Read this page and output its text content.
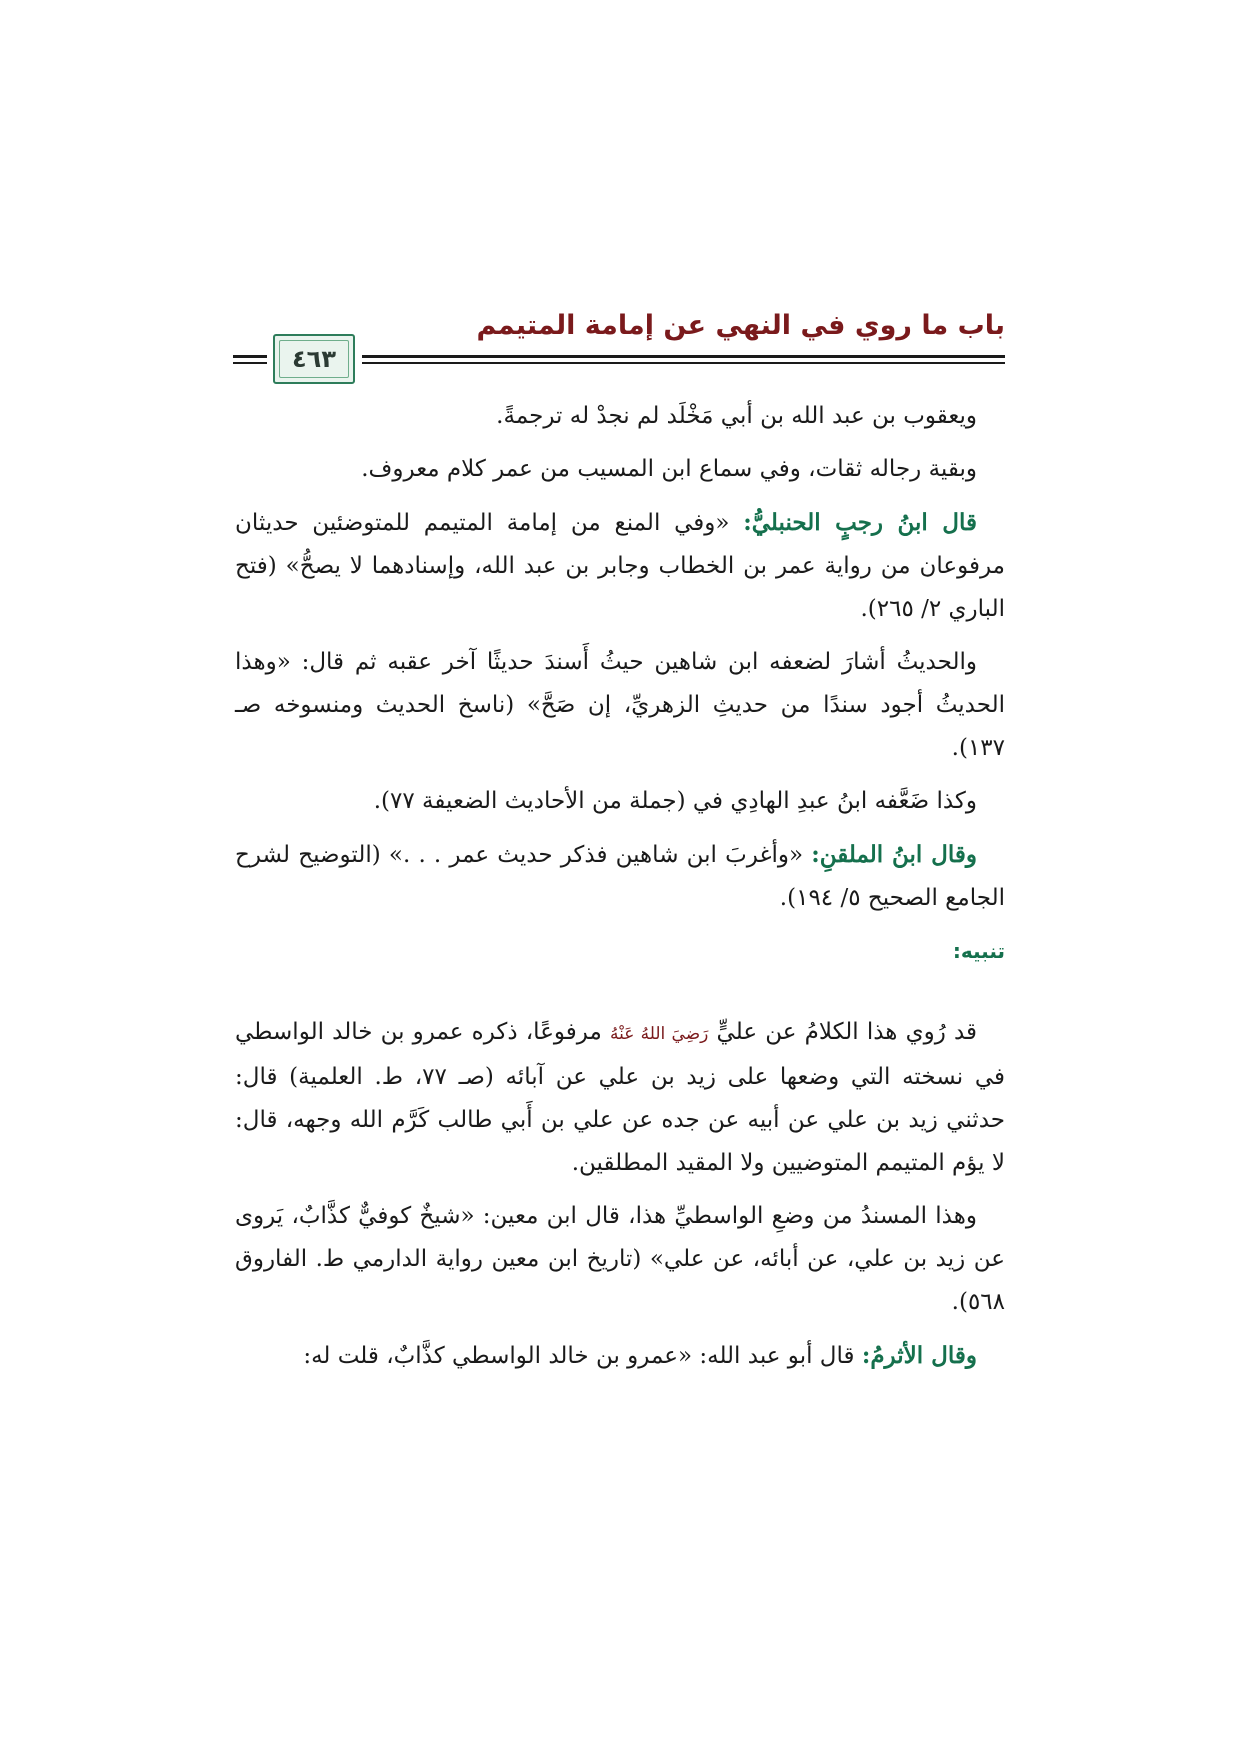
باب ما روي في النهي عن إمامة المتيمم
٤٦٣

ويعقوب بن عبد الله بن أبي مَخْلَد لم نجدْ له ترجمةً.

وبقية رجاله ثقات، وفي سماع ابن المسيب من عمر كلام معروف.

قال ابنُ رجبٍ الحنبليُّ: «وفي المنع من إمامة المتيمم للمتوضئين حديثان مرفوعان من رواية عمر بن الخطاب وجابر بن عبد الله، وإسنادهما لا يصحُّ» (فتح الباري ٢/ ٢٦٥).

والحديثُ أشارَ لضعفه ابن شاهين حيثُ أَسندَ حديثًا آخر عقبه ثم قال: «وهذا الحديثُ أجود سندًا من حديثِ الزهريِّ، إن صَحَّ» (ناسخ الحديث ومنسوخه صـ ١٣٧).

وكذا ضَعَّفه ابنُ عبدِ الهادِي في (جملة من الأحاديث الضعيفة ٧٧).

وقال ابنُ الملقنِ: «وأغربَ ابن شاهين فذكر حديث عمر . . .» (التوضيح لشرح الجامع الصحيح ٥/ ١٩٤).

تنبيه:

قد رُوي هذا الكلامُ عن عليٍّ رَضِيَ اللهُ عَنْهُ مرفوعًا، ذكره عمرو بن خالد الواسطي في نسخته التي وضعها على زيد بن علي عن آبائه (صـ ٧٧، ط. العلمية) قال: حدثني زيد بن علي عن أبيه عن جده عن علي بن أَبي طالب كَرَّم الله وجهه، قال: لا يؤم المتيمم المتوضيين ولا المقيد المطلقين.

وهذا المسندُ من وضعِ الواسطيِّ هذا، قال ابن معين: «شيخٌ كوفيٌّ كذَّابٌ، يَروى عن زيد بن علي، عن أبائه، عن علي» (تاريخ ابن معين رواية الدارمي ط. الفاروق ٥٦٨).

وقال الأثرمُ: قال أبو عبد الله: «عمرو بن خالد الواسطي كذَّابٌ، قلت له:
